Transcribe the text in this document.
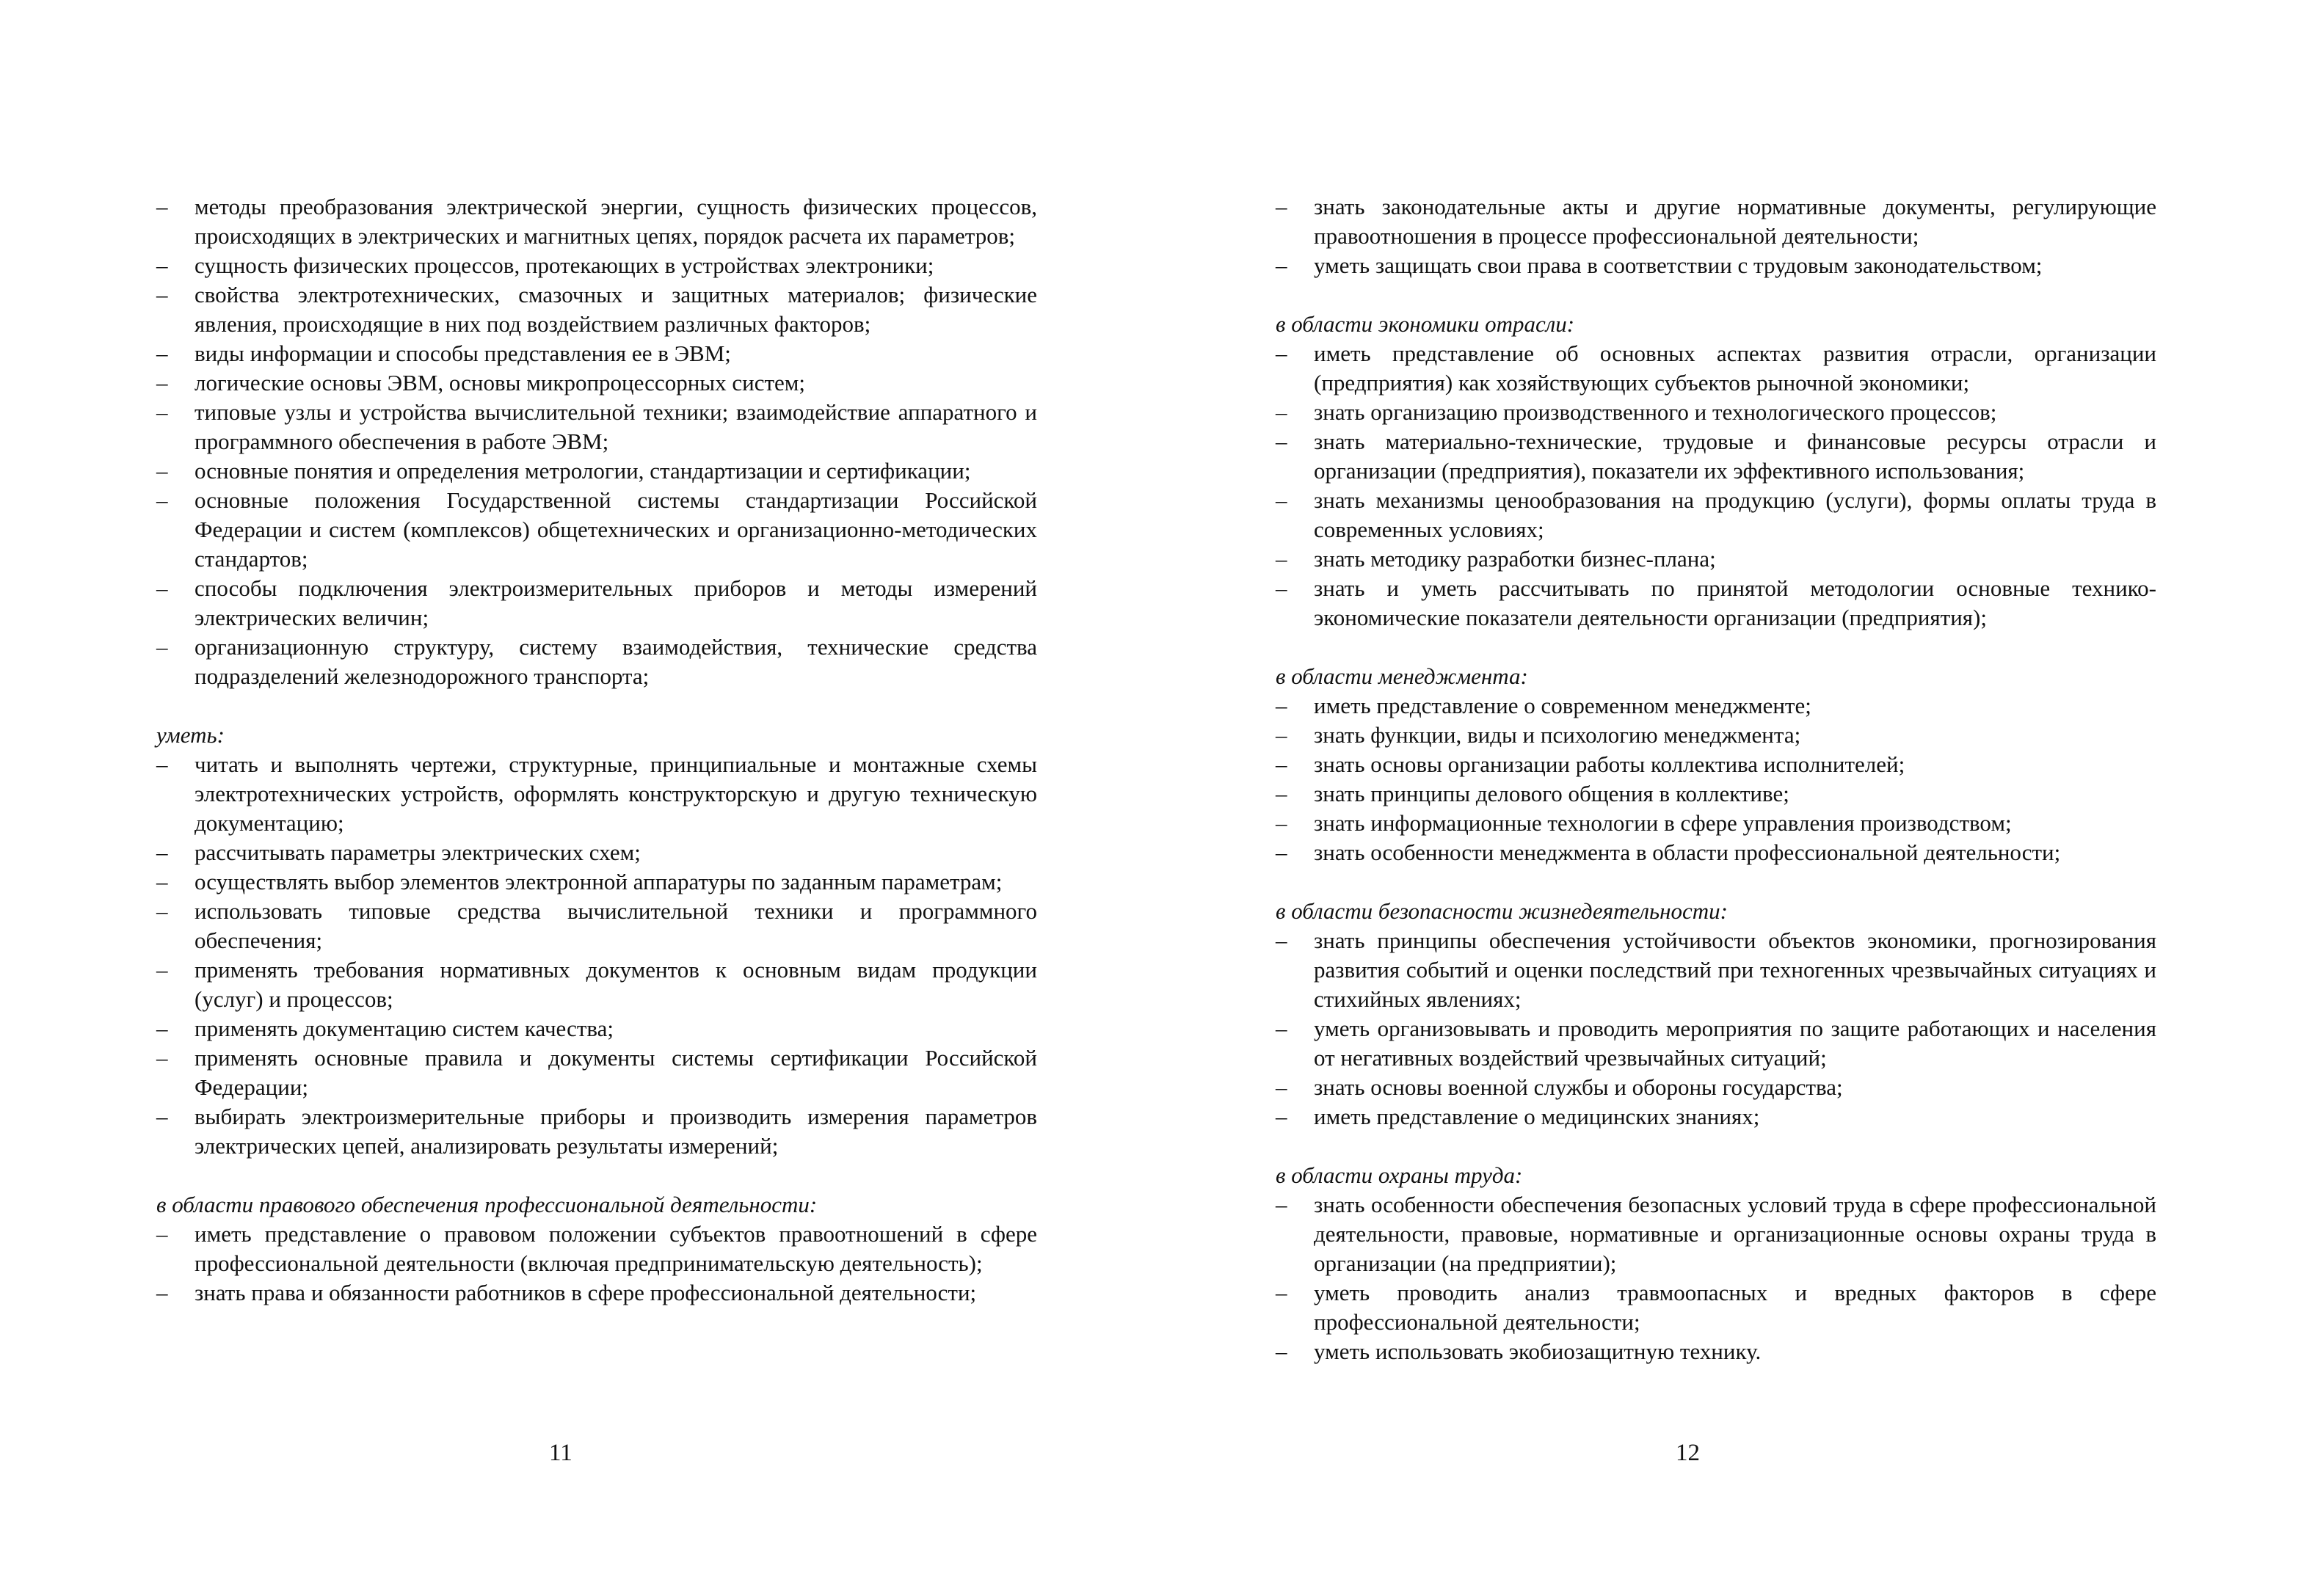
– методы преобразования электрической энергии, сущность физических процессов, происходящих в электрических и магнитных цепях, порядок расчета их параметров;
– сущность физических процессов, протекающих в устройствах электроники;
– свойства электротехнических, смазочных и защитных материалов; физические явления, происходящие в них под воздействием различных факторов;
– виды информации и способы представления ее в ЭВМ;
– логические основы ЭВМ, основы микропроцессорных систем;
– типовые узлы и устройства вычислительной техники; взаимодействие аппаратного и программного обеспечения в работе ЭВМ;
– основные понятия и определения метрологии, стандартизации и сертификации;
– основные положения Государственной системы стандартизации Российской Федерации и систем (комплексов) общетехнических и организационно-методических стандартов;
– способы подключения электроизмерительных приборов и методы измерений электрических величин;
– организационную структуру, систему взаимодействия, технические средства подразделений железнодорожного транспорта;

уметь:

– читать и выполнять чертежи, структурные, принципиальные и монтажные схемы электротехнических устройств, оформлять конструкторскую и другую техническую документацию;
– рассчитывать параметры электрических схем;
– осуществлять выбор элементов электронной аппаратуры по заданным параметрам;
– использовать типовые средства вычислительной техники и программного обеспечения;
– применять требования нормативных документов к основным видам продукции (услуг) и процессов;
– применять документацию систем качества;
– применять основные правила и документы системы сертификации Российской Федерации;
– выбирать электроизмерительные приборы и производить измерения параметров электрических цепей, анализировать результаты измерений;

в области правового обеспечения профессиональной деятельности:

– иметь представление о правовом положении субъектов правоотношений в сфере профессиональной деятельности (включая предпринимательскую деятельность);
– знать права и обязанности работников в сфере профессиональной деятельности;
11
– знать законодательные акты и другие нормативные документы, регулирующие правоотношения в процессе профессиональной деятельности;
– уметь защищать свои права в соответствии с трудовым законодательством;

в области экономики отрасли:

– иметь представление об основных аспектах развития отрасли, организации (предприятия) как хозяйствующих субъектов рыночной экономики;
– знать организацию производственного и технологического процессов;
– знать материально-технические, трудовые и финансовые ресурсы отрасли и организации (предприятия), показатели их эффективного использования;
– знать механизмы ценообразования на продукцию (услуги), формы оплаты труда в современных условиях;
– знать методику разработки бизнес-плана;
– знать и уметь рассчитывать по принятой методологии основные технико-экономические показатели деятельности организации (предприятия);

в области менеджмента:

– иметь представление о современном менеджменте;
– знать функции, виды и психологию менеджмента;
– знать основы организации работы коллектива исполнителей;
– знать принципы делового общения в коллективе;
– знать информационные технологии в сфере управления производством;
– знать особенности менеджмента в области профессиональной деятельности;

в области безопасности жизнедеятельности:

– знать принципы обеспечения устойчивости объектов экономики, прогнозирования развития событий и оценки последствий при техногенных чрезвычайных ситуациях и стихийных явлениях;
– уметь организовывать и проводить мероприятия по защите работающих и населения от негативных воздействий чрезвычайных ситуаций;
– знать основы военной службы и обороны государства;
– иметь представление о медицинских знаниях;

в области охраны труда:

– знать особенности обеспечения безопасных условий труда в сфере профессиональной деятельности, правовые, нормативные и организационные основы охраны труда в организации (на предприятии);
– уметь проводить анализ травмоопасных и вредных факторов в сфере профессиональной деятельности;
– уметь использовать экобиозащитную технику.
12
